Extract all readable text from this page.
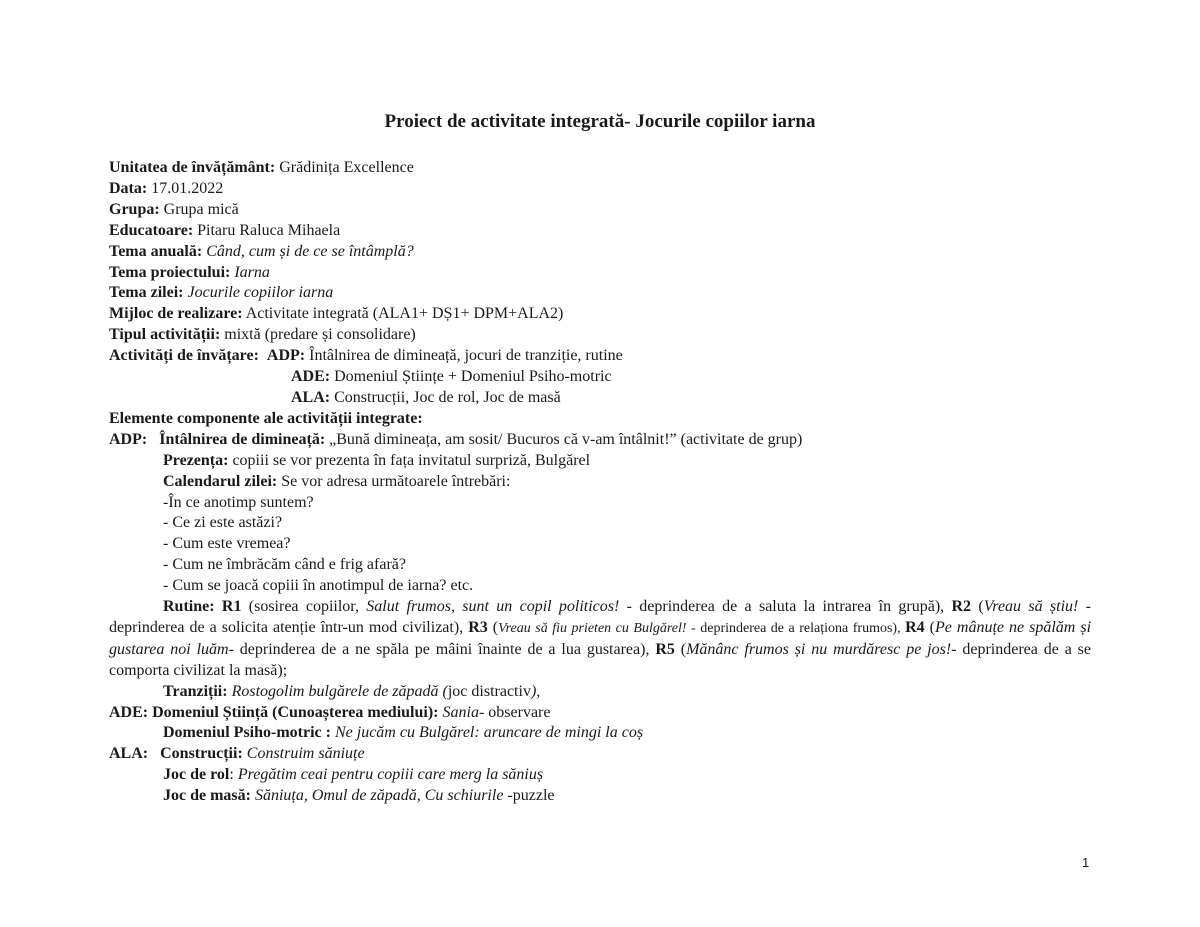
Proiect de activitate integrată- Jocurile copiilor iarna
Unitatea de învățământ: Grădinița Excellence
Data: 17.01.2022
Grupa: Grupa mică
Educatoare: Pitaru Raluca Mihaela
Tema anuală: Când, cum și de ce se întâmplă?
Tema proiectului: Iarna
Tema zilei: Jocurile copiilor iarna
Mijloc de realizare: Activitate integrată (ALA1+ DȘ1+ DPM+ALA2)
Tipul activității: mixtă (predare și consolidare)
Activități de învățare: ADP: Întâlnirea de dimineață, jocuri de tranziție, rutine
ADE: Domeniul Științe + Domeniul Psiho-motric
ALA: Construcții, Joc de rol, Joc de masă
Elemente componente ale activității integrate:
ADP: Întâlnirea de dimineață: „Bună dimineața, am sosit/ Bucuros că v-am întâlnit!” (activitate de grup)
Prezența: copiii se vor prezenta în fața invitatul surpriză, Bulgărel
Calendarul zilei: Se vor adresa următoarele întrebări:
-În ce anotimp suntem?
- Ce zi este astăzi?
- Cum este vremea?
- Cum ne îmbrăcăm când e frig afară?
- Cum se joacă copiii în anotimpul de iarna? etc.
Rutine: R1 (sosirea copiilor, Salut frumos, sunt un copil politicos! - deprinderea de a saluta la intrarea în grupă), R2 (Vreau să știu! - deprinderea de a solicita atenție într-un mod civilizat), R3 (Vreau să fiu prieten cu Bulgărel! - deprinderea de a relaționa frumos), R4 (Pe mânuțe ne spălăm și gustarea noi luăm- deprinderea de a ne spăla pe mâini înainte de a lua gustarea), R5 (Mănânc frumos și nu murdăresc pe jos!- deprinderea de a se comporta civilizat la masă);
Tranziții: Rostogolim bulgărele de zăpadă (joc distractiv),
ADE: Domeniul Știință (Cunoașterea mediului): Sania- observare
Domeniul Psiho-motric : Ne jucăm cu Bulgărel: aruncare de mingi la coș
ALA: Construcții: Construim săniuțe
Joc de rol: Pregătim ceai pentru copiii care merg la săniuș
Joc de masă: Săniuța, Omul de zăpadă, Cu schiurile -puzzle
1
